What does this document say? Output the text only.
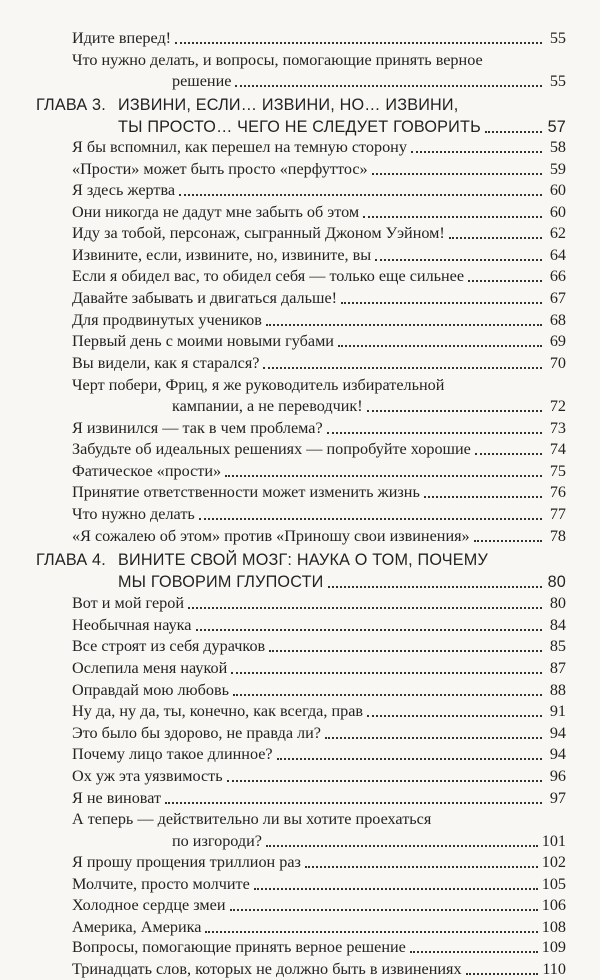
Идите вперед!	55
Что нужно делать, и вопросы, помогающие принять верное
решение	55
ГЛАВА 3. ИЗВИНИ, ЕСЛИ… ИЗВИНИ, НО… ИЗВИНИ,
ТЫ ПРОСТО… ЧЕГО НЕ СЛЕДУЕТ ГОВОРИТЬ	57
Я бы вспомнил, как перешел на темную сторону	58
«Прости» может быть просто «перфуттос»	59
Я здесь жертва	60
Они никогда не дадут мне забыть об этом	60
Иду за тобой, персонаж, сыгранный Джоном Уэйном!	62
Извините, если, извините, но, извините, вы	64
Если я обидел вас, то обидел себя — только еще сильнее	66
Давайте забывать и двигаться дальше!	67
Для продвинутых учеников	68
Первый день с моими новыми губами	69
Вы видели, как я старался?	70
Черт побери, Фриц, я же руководитель избирательной
кампании, а не переводчик!	72
Я извинился — так в чем проблема?	73
Забудьте об идеальных решениях — попробуйте хорошие	74
Фатическое «прости»	75
Принятие ответственности может изменить жизнь	76
Что нужно делать	77
«Я сожалею об этом» против «Приношу свои извинения»	78
ГЛАВА 4. ВИНИТЕ СВОЙ МОЗГ: НАУКА О ТОМ, ПОЧЕМУ
МЫ ГОВОРИМ ГЛУПОСТИ	80
Вот и мой герой	80
Необычная наука	84
Все строят из себя дурачков	85
Ослепила меня наукой	87
Оправдай мою любовь	88
Ну да, ну да, ты, конечно, как всегда, прав	91
Это было бы здорово, не правда ли?	94
Почему лицо такое длинное?	94
Ох уж эта уязвимость	96
Я не виноват	97
А теперь — действительно ли вы хотите проехаться
по изгороди?	101
Я прошу прощения триллион раз	102
Молчите, просто молчите	105
Холодное сердце змеи	106
Америка, Америка	108
Вопросы, помогающие принять верное решение	109
Тринадцать слов, которых не должно быть в извинениях	110
